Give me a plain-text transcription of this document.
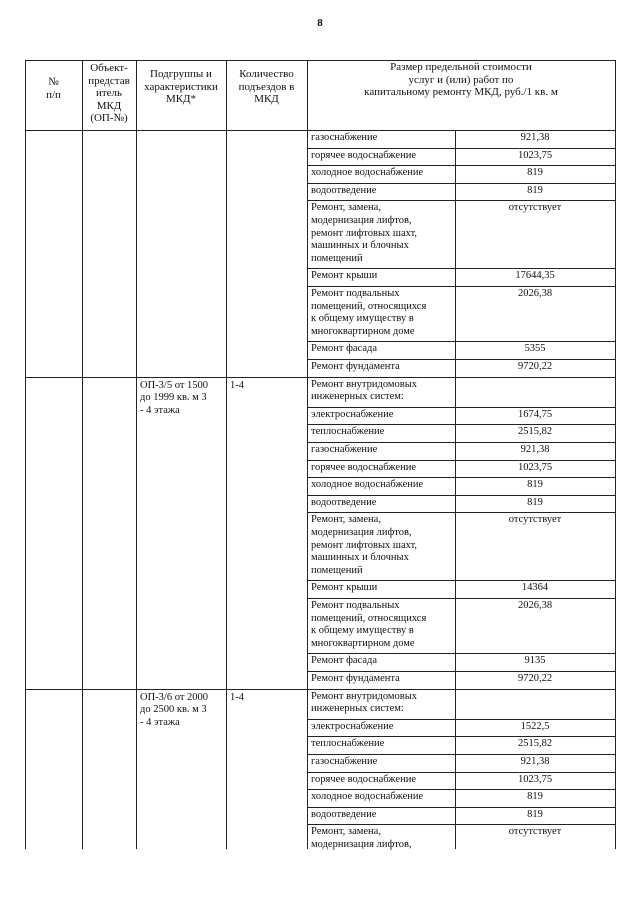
8
№
п/п
Объект-
представ
итель
МКД
(ОП-№)
Подгруппы и
характеристики
МКД*
Количество
подъездов в
МКД
Размер предельной стоимости
услуг и (или) работ по
капитальному ремонту МКД, руб./1 кв. м
газоснабжение	921,38
горячее водоснабжение	1023,75
холодное водоснабжение	819
водоотведение	819
Ремонт, замена,
модернизация лифтов,
ремонт лифтовых шахт,
машинных и блочных
помещений
отсутствует
Ремонт крыши	17644,35
Ремонт подвальных
помещений, относящихся
к общему имуществу в
многоквартирном доме
2026,38
Ремонт фасада	5355
Ремонт фундамента	9720,22
ОП-3/5 от 1500
до 1999 кв. м 3
- 4 этажа
1-4	Ремонт внутридомовых
инженерных систем:
электроснабжение	1674,75
теплоснабжение	2515,82
газоснабжение	921,38
горячее водоснабжение	1023,75
холодное водоснабжение	819
водоотведение	819
Ремонт, замена,
модернизация лифтов,
ремонт лифтовых шахт,
машинных и блочных
помещений
отсутствует
Ремонт крыши	14364
Ремонт подвальных
помещений, относящихся
к общему имуществу в
многоквартирном доме
2026,38
Ремонт фасада	9135
Ремонт фундамента	9720,22
ОП-3/6 от 2000
до 2500 кв. м 3
- 4 этажа
1-4	Ремонт внутридомовых
инженерных систем:
электроснабжение	1522,5
теплоснабжение	2515,82
газоснабжение	921,38
горячее водоснабжение	1023,75
холодное водоснабжение	819
водоотведение	819
Ремонт, замена,
модернизация лифтов,
отсутствует
